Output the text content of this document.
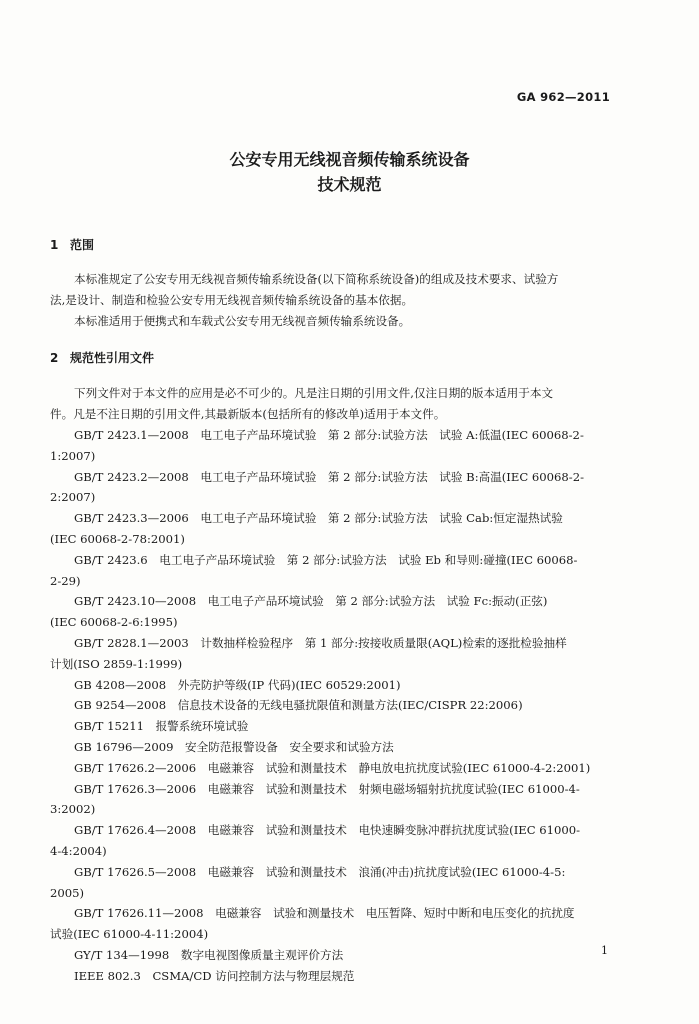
GA 962—2011
公安专用无线视音频传输系统设备
技术规范
1 范围
本标准规定了公安专用无线视音频传输系统设备(以下简称系统设备)的组成及技术要求、试验方
法,是设计、制造和检验公安专用无线视音频传输系统设备的基本依据。
本标准适用于便携式和车载式公安专用无线视音频传输系统设备。
2 规范性引用文件
下列文件对于本文件的应用是必不可少的。凡是注日期的引用文件,仅注日期的版本适用于本文
件。凡是不注日期的引用文件,其最新版本(包括所有的修改单)适用于本文件。
GB/T 2423.1—2008　电工电子产品环境试验　第 2 部分:试验方法　试验 A:低温(IEC 60068-2-
1:2007)
GB/T 2423.2—2008　电工电子产品环境试验　第 2 部分:试验方法　试验 B:高温(IEC 60068-2-
2:2007)
GB/T 2423.3—2006　电工电子产品环境试验　第 2 部分:试验方法　试验 Cab:恒定湿热试验
(IEC 60068-2-78:2001)
GB/T 2423.6　电工电子产品环境试验　第 2 部分:试验方法　试验 Eb 和导则:碰撞(IEC 60068-
2-29)
GB/T 2423.10—2008　电工电子产品环境试验　第 2 部分:试验方法　试验 Fc:振动(正弦)
(IEC 60068-2-6:1995)
GB/T 2828.1—2003　计数抽样检验程序　第 1 部分:按接收质量限(AQL)检索的逐批检验抽样
计划(ISO 2859-1:1999)
GB 4208—2008　外壳防护等级(IP 代码)(IEC 60529:2001)
GB 9254—2008　信息技术设备的无线电骚扰限值和测量方法(IEC/CISPR 22:2006)
GB/T 15211　报警系统环境试验
GB 16796—2009　安全防范报警设备　安全要求和试验方法
GB/T 17626.2—2006　电磁兼容　试验和测量技术　静电放电抗扰度试验(IEC 61000-4-2:2001)
GB/T 17626.3—2006　电磁兼容　试验和测量技术　射频电磁场辐射抗扰度试验(IEC 61000-4-
3:2002)
GB/T 17626.4—2008　电磁兼容　试验和测量技术　电快速瞬变脉冲群抗扰度试验(IEC 61000-
4-4:2004)
GB/T 17626.5—2008　电磁兼容　试验和测量技术　浪涌(冲击)抗扰度试验(IEC 61000-4-5:
2005)
GB/T 17626.11—2008　电磁兼容　试验和测量技术　电压暂降、短时中断和电压变化的抗扰度
试验(IEC 61000-4-11:2004)
GY/T 134—1998　数字电视图像质量主观评价方法
IEEE 802.3　CSMA/CD 访问控制方法与物理层规范
1
